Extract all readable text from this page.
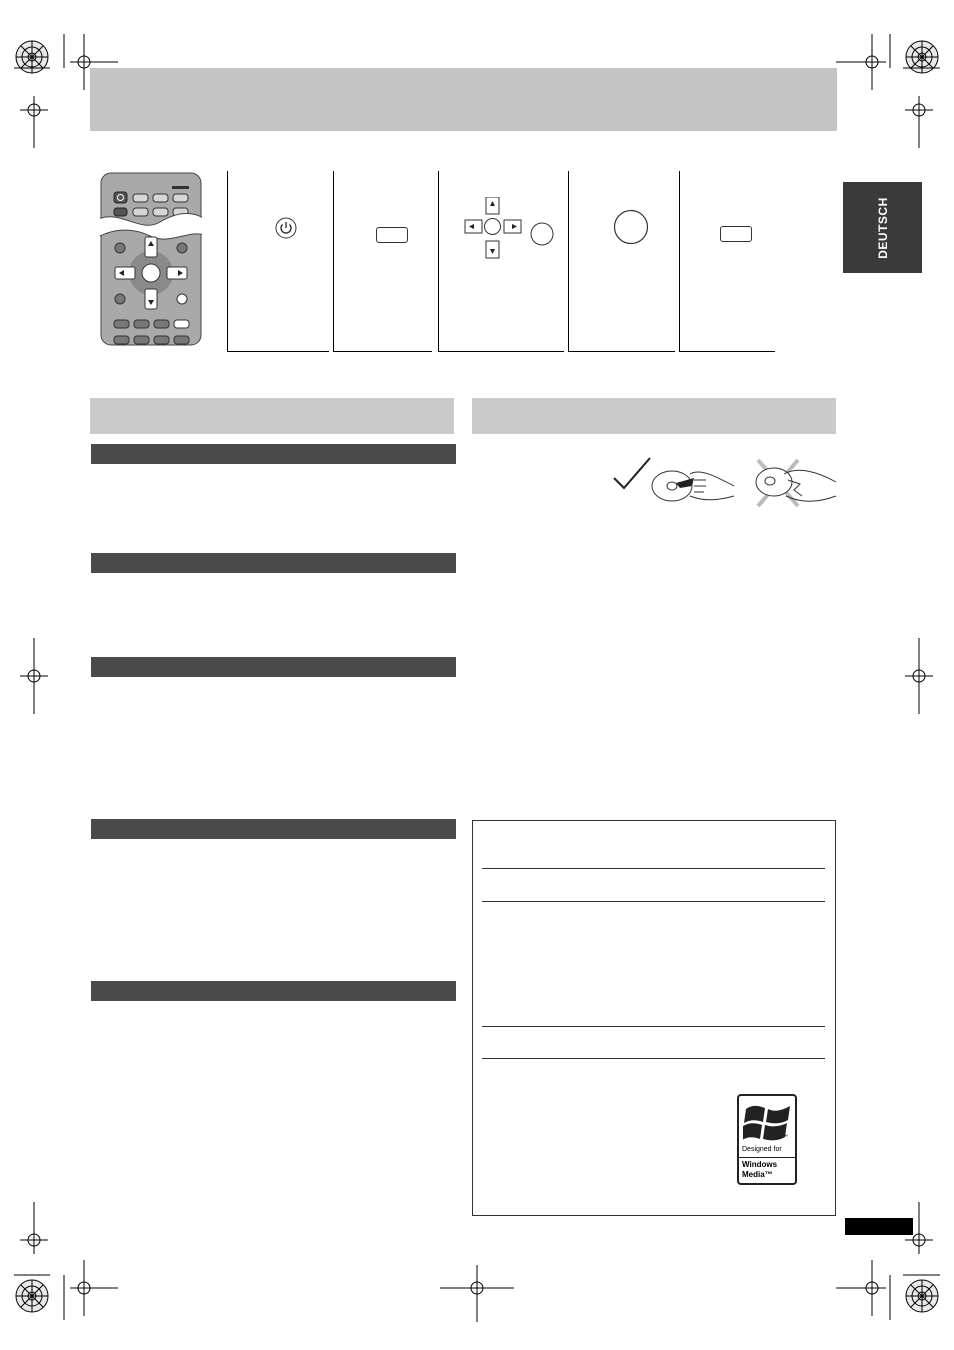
DEUTSCH
™
Designed for
Windows
Media™
